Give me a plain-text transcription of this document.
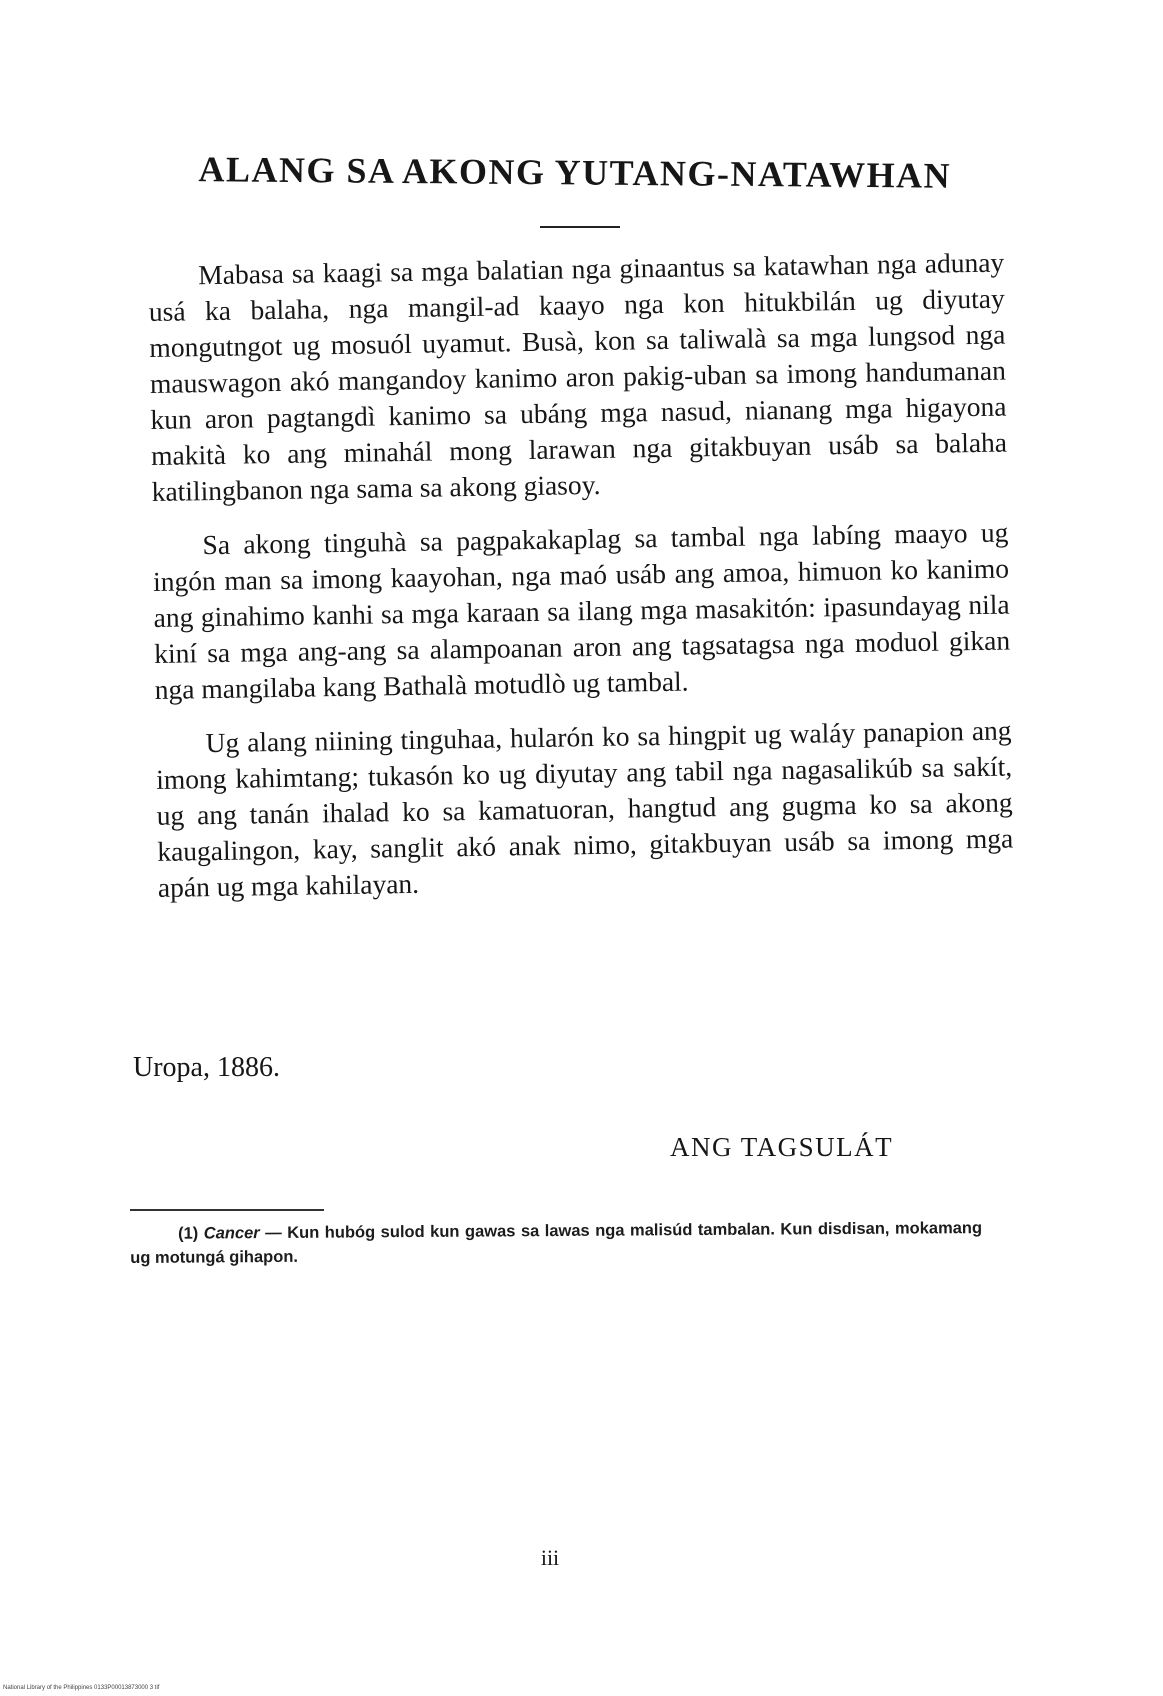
ALANG SA AKONG YUTANG-NATAWHAN

Mabasa sa kaagi sa mga balatian nga ginaantus sa katawhan nga adunay usá ka balaha, nga mangil-ad kaayo nga kon hitukbilán ug diyutay mongutngot ug mosuól uyamut. Busà, kon sa taliwalà sa mga lungsod nga mauswagon akó mangandoy kanimo aron pakig-uban sa imong handumanan kun aron pagtangdì kanimo sa ubáng mga nasud, nianang mga higayona makità ko ang minahál mong larawan nga gitakbuyan usáb sa balaha katilingbanon nga sama sa akong giasoy.

Sa akong tinguhà sa pagpakakaplag sa tambal nga labíng maayo ug ingón man sa imong kaayohan, nga maó usáb ang amoa, himuon ko kanimo ang ginahimo kanhi sa mga karaan sa ilang mga masakitón: ipasundayag nila kiní sa mga ang-ang sa alampoanan aron ang tagsatagsa nga moduol gikan nga mangilaba kang Bathalà motudlò ug tambal.

Ug alang niining tinguhaa, hularón ko sa hingpit ug waláy panapion ang imong kahimtang; tukasón ko ug diyutay ang tabil nga nagasalikúb sa sakít, ug ang tanán ihalad ko sa kamatuoran, hangtud ang gugma ko sa akong kaugalingon, kay, sanglit akó anak nimo, gitakbuyan usáb sa imong mga apán ug mga kahilayan.

Uropa, 1886.

ANG TAGSULÁT

(1) Cancer — Kun hubóg sulod kun gawas sa lawas nga malisúd tambalan. Kun disdisan, mokamang ug motungá gihapon.

iii

National Library of the Philippines 0133P00013873000 3 tif
